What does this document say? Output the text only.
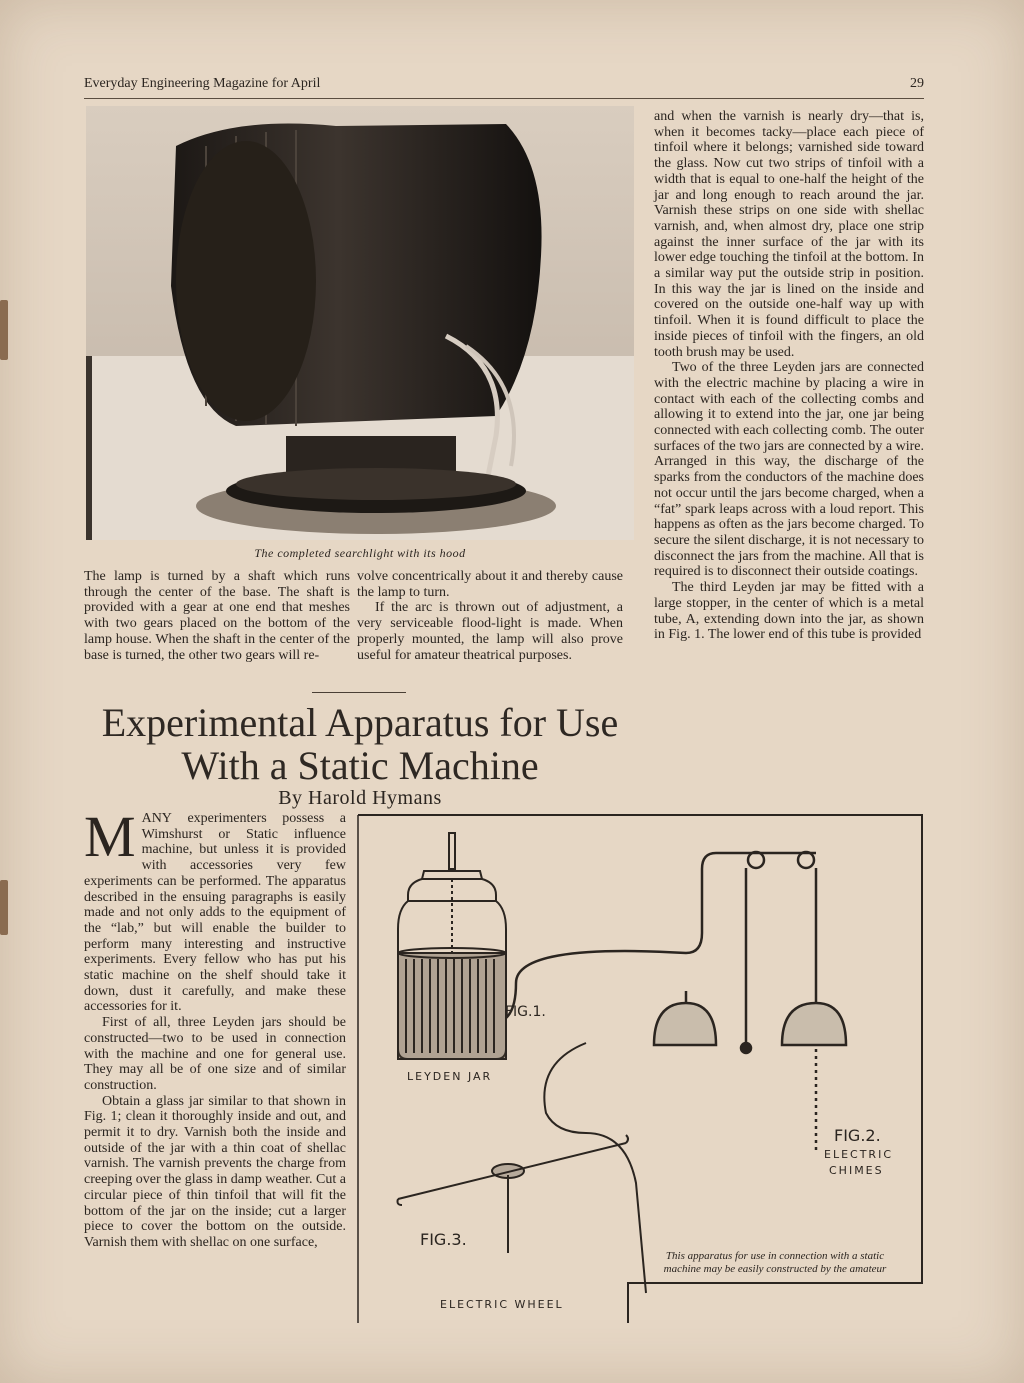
Everyday Engineering Magazine for April	29
The completed searchlight with its hood

The lamp is turned by a shaft which runs through the center of the base. The shaft is provided with a gear at one end that meshes with two gears placed on the bottom of the lamp house. When the shaft in the center of the base is turned, the other two gears will re-

volve concentrically about it and thereby cause the lamp to turn.

If the arc is thrown out of adjustment, a very serviceable flood-light is made. When properly mounted, the lamp will also prove useful for amateur theatrical purposes.

Experimental Apparatus for Use
With a Static Machine
By Harold Hymans

and when the varnish is nearly dry—that is, when it becomes tacky—place each piece of tinfoil where it belongs; varnished side toward the glass. Now cut two strips of tinfoil with a width that is equal to one-half the height of the jar and long enough to reach around the jar. Varnish these strips on one side with shellac varnish, and, when almost dry, place one strip against the inner surface of the jar with its lower edge touching the tinfoil at the bottom. In a similar way put the outside strip in position. In this way the jar is lined on the inside and covered on the outside one-half way up with tinfoil. When it is found difficult to place the inside pieces of tinfoil with the fingers, an old tooth brush may be used.

Two of the three Leyden jars are connected with the electric machine by placing a wire in contact with each of the collecting combs and allowing it to extend into the jar, one jar being connected with each collecting comb. The outer surfaces of the two jars are connected by a wire. Arranged in this way, the discharge of the sparks from the conductors of the machine does not occur until the jars become charged, when a “fat” spark leaps across with a loud report. This happens as often as the jars become charged. To secure the silent discharge, it is not necessary to disconnect the jars from the machine. All that is required is to disconnect their outside coatings.

The third Leyden jar may be fitted with a large stopper, in the center of which is a metal tube, A, extending down into the jar, as shown in Fig. 1. The lower end of this tube is provided

MANY experimenters possess a Wimshurst or Static influence machine, but unless it is provided with accessories very few experiments can be performed. The apparatus described in the ensuing paragraphs is easily made and not only adds to the equipment of the “lab,” but will enable the builder to perform many interesting and instructive experiments. Every fellow who has put his static machine on the shelf should take it down, dust it carefully, and make these accessories for it.

First of all, three Leyden jars should be constructed—two to be used in connection with the machine and one for general use. They may all be of one size and of similar construction.

Obtain a glass jar similar to that shown in Fig. 1; clean it thoroughly inside and out, and permit it to dry. Varnish both the inside and outside of the jar with a thin coat of shellac varnish. The varnish prevents the charge from creeping over the glass in damp weather. Cut a circular piece of thin tinfoil that will fit the bottom of the jar on the inside; cut a larger piece to cover the bottom on the outside. Varnish them with shellac on one surface,

FIG.1.
LEYDEN JAR
FIG.2.
ELECTRIC
CHIMES
FIG.3.
ELECTRIC WHEEL
This apparatus for use in connection with a static machine may be easily constructed by the amateur
